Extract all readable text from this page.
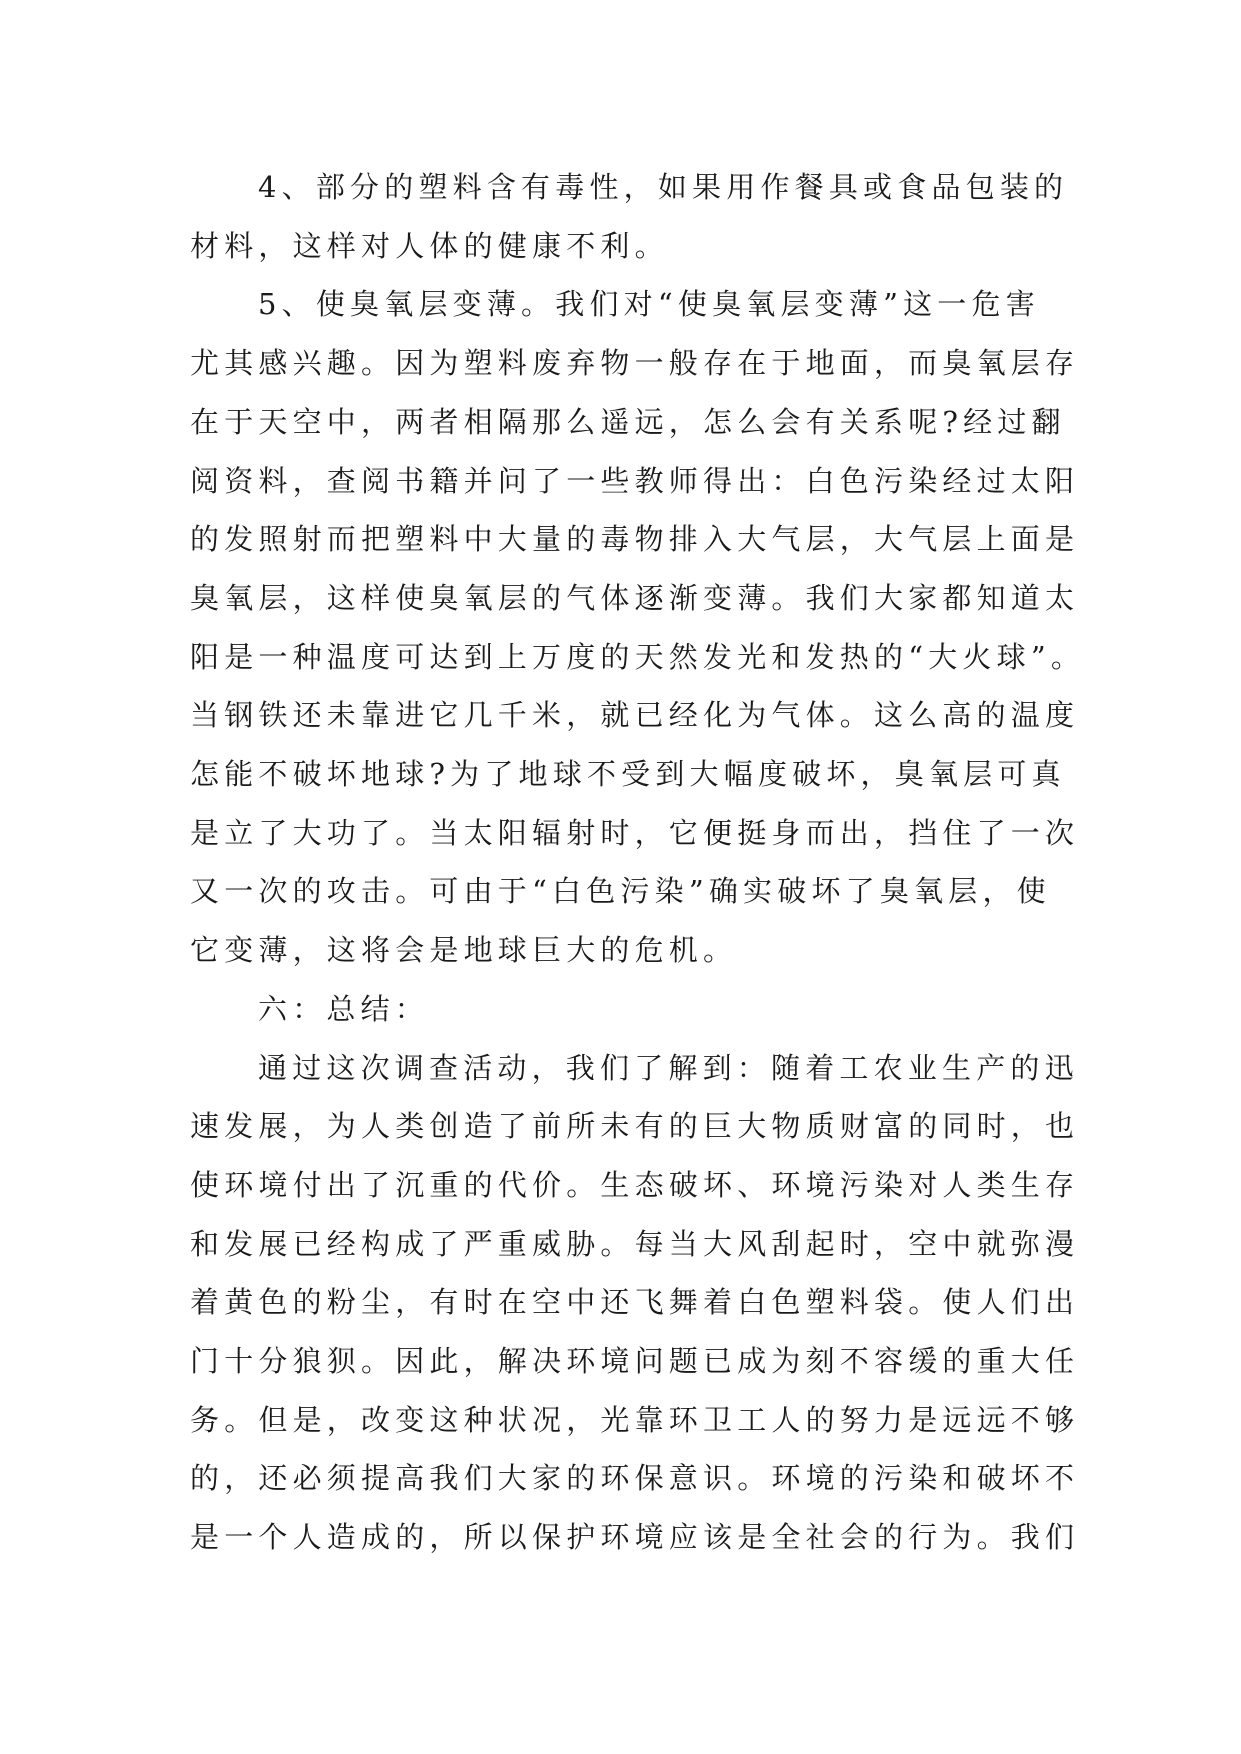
4、部分的塑料含有毒性，如果用作餐具或食品包装的
材料，这样对人体的健康不利。

5、使臭氧层变薄。我们对“使臭氧层变薄”这一危害
尤其感兴趣。因为塑料废弃物一般存在于地面，而臭氧层存
在于天空中，两者相隔那么遥远，怎么会有关系呢?经过翻
阅资料，查阅书籍并问了一些教师得出：白色污染经过太阳
的发照射而把塑料中大量的毒物排入大气层，大气层上面是
臭氧层，这样使臭氧层的气体逐渐变薄。我们大家都知道太
阳是一种温度可达到上万度的天然发光和发热的“大火球”。
当钢铁还未靠进它几千米，就已经化为气体。这么高的温度
怎能不破坏地球?为了地球不受到大幅度破坏，臭氧层可真
是立了大功了。当太阳辐射时，它便挺身而出，挡住了一次
又一次的攻击。可由于“白色污染”确实破坏了臭氧层，使
它变薄，这将会是地球巨大的危机。

六：总结：

通过这次调查活动，我们了解到：随着工农业生产的迅
速发展，为人类创造了前所未有的巨大物质财富的同时，也
使环境付出了沉重的代价。生态破坏、环境污染对人类生存
和发展已经构成了严重威胁。每当大风刮起时，空中就弥漫
着黄色的粉尘，有时在空中还飞舞着白色塑料袋。使人们出
门十分狼狈。因此，解决环境问题已成为刻不容缓的重大任
务。但是，改变这种状况，光靠环卫工人的努力是远远不够
的，还必须提高我们大家的环保意识。环境的污染和破坏不
是一个人造成的，所以保护环境应该是全社会的行为。我们
